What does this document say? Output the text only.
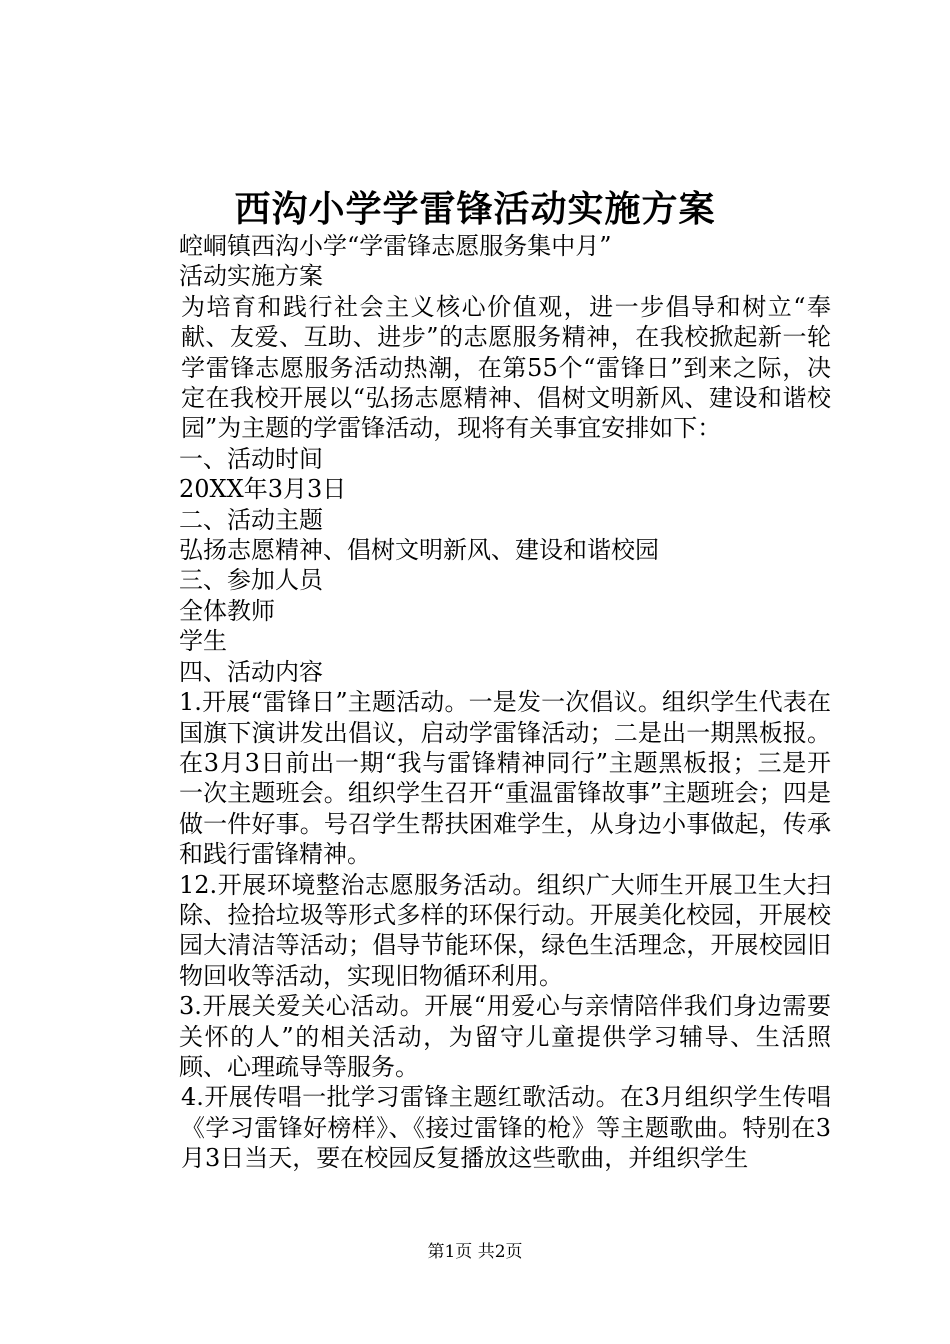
西沟小学学雷锋活动实施方案

崆峒镇西沟小学“学雷锋志愿服务集中月”

活动实施方案

为培育和践行社会主义核心价值观，进一步倡导和树立“奉献、友爱、互助、进步”的志愿服务精神，在我校掀起新一轮学雷锋志愿服务活动热潮，在第55个“雷锋日”到来之际，决定在我校开展以“弘扬志愿精神、倡树文明新风、建设和谐校园”为主题的学雷锋活动，现将有关事宜安排如下：

一、活动时间

20XX年3月3日

二、活动主题

弘扬志愿精神、倡树文明新风、建设和谐校园

三、参加人员

全体教师

学生

四、活动内容

1.开展“雷锋日”主题活动。一是发一次倡议。组织学生代表在国旗下演讲发出倡议，启动学雷锋活动；二是出一期黑板报。在3月3日前出一期“我与雷锋精神同行”主题黑板报；三是开一次主题班会。组织学生召开“重温雷锋故事”主题班会；四是做一件好事。号召学生帮扶困难学生，从身边小事做起，传承和践行雷锋精神。

12.开展环境整治志愿服务活动。组织广大师生开展卫生大扫除、捡拾垃圾等形式多样的环保行动。开展美化校园，开展校园大清洁等活动；倡导节能环保，绿色生活理念，开展校园旧物回收等活动，实现旧物循环利用。

3.开展关爱关心活动。开展“用爱心与亲情陪伴我们身边需要关怀的人”的相关活动，为留守儿童提供学习辅导、生活照顾、心理疏导等服务。

4.开展传唱一批学习雷锋主题红歌活动。在3月组织学生传唱《学习雷锋好榜样》、《接过雷锋的枪》等主题歌曲。特别在3月3日当天，要在校园反复播放这些歌曲，并组织学生

第1页 共2页
